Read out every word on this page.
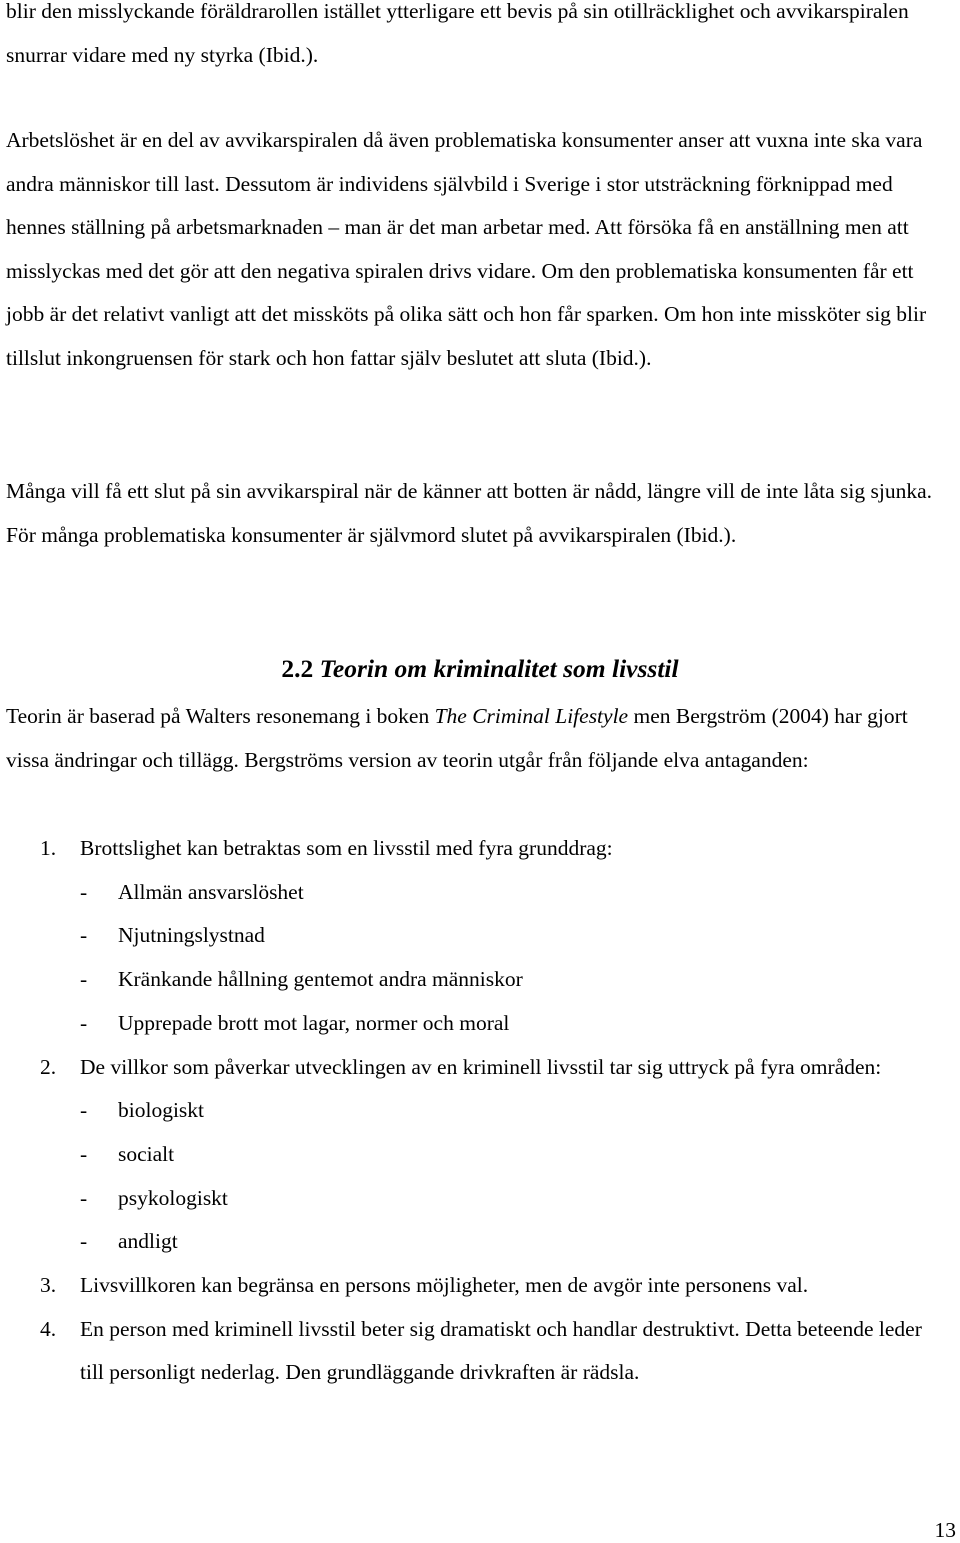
blir den misslyckande föräldrarollen istället ytterligare ett bevis på sin otillräcklighet och avvikarspiralen snurrar vidare med ny styrka (Ibid.).

Arbetslöshet är en del av avvikarspiralen då även problematiska konsumenter anser att vuxna inte ska vara andra människor till last. Dessutom är individens självbild i Sverige i stor utsträckning förknippad med hennes ställning på arbetsmarknaden – man är det man arbetar med. Att försöka få en anställning men att misslyckas med det gör att den negativa spiralen drivs vidare. Om den problematiska konsumenten får ett jobb är det relativt vanligt att det missköts på olika sätt och hon får sparken. Om hon inte missköter sig blir tillslut inkongruensen för stark och hon fattar själv beslutet att sluta (Ibid.).

Många vill få ett slut på sin avvikarspiral när de känner att botten är nådd, längre vill de inte låta sig sjunka. För många problematiska konsumenter är självmord slutet på avvikarspiralen (Ibid.).

2.2 Teorin om kriminalitet som livsstil

Teorin är baserad på Walters resonemang i boken The Criminal Lifestyle men Bergström (2004) har gjort vissa ändringar och tillägg. Bergströms version av teorin utgår från följande elva antaganden:

1.	Brottslighet kan betraktas som en livsstil med fyra grunddrag:
- Allmän ansvarslöshet
- Njutningslystnad
- Kränkande hållning gentemot andra människor
- Upprepade brott mot lagar, normer och moral
2.	De villkor som påverkar utvecklingen av en kriminell livsstil tar sig uttryck på fyra områden:
- biologiskt
- socialt
- psykologiskt
- andligt
3.	Livsvillkoren kan begränsa en persons möjligheter, men de avgör inte personens val.
4.	En person med kriminell livsstil beter sig dramatiskt och handlar destruktivt. Detta beteende leder till personligt nederlag. Den grundläggande drivkraften är rädsla.
13
